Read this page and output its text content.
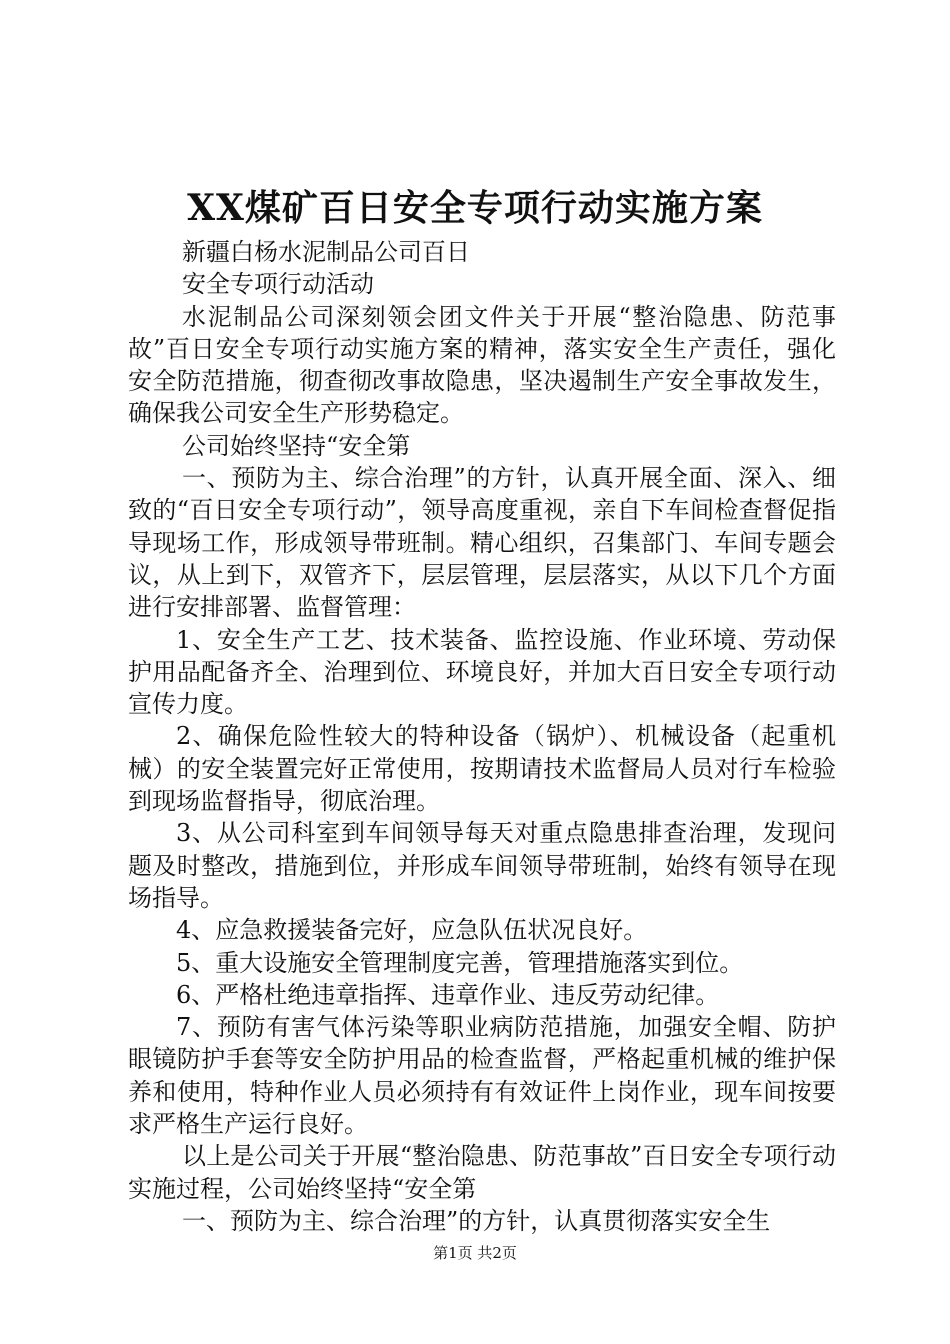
XX煤矿百日安全专项行动实施方案

新疆白杨水泥制品公司百日

安全专项行动活动

水泥制品公司深刻领会团文件关于开展“整治隐患、防范事故”百日安全专项行动实施方案的精神，落实安全生产责任，强化安全防范措施，彻查彻改事故隐患，坚决遏制生产安全事故发生，确保我公司安全生产形势稳定。

公司始终坚持“安全第

一、预防为主、综合治理”的方针，认真开展全面、深入、细致的“百日安全专项行动”，领导高度重视，亲自下车间检查督促指导现场工作，形成领导带班制。精心组织，召集部门、车间专题会议，从上到下，双管齐下，层层管理，层层落实，从以下几个方面进行安排部署、监督管理：

1、安全生产工艺、技术装备、监控设施、作业环境、劳动保护用品配备齐全、治理到位、环境良好，并加大百日安全专项行动宣传力度。

2、确保危险性较大的特种设备（锅炉）、机械设备（起重机械）的安全装置完好正常使用，按期请技术监督局人员对行车检验到现场监督指导，彻底治理。

3、从公司科室到车间领导每天对重点隐患排查治理，发现问题及时整改，措施到位，并形成车间领导带班制，始终有领导在现场指导。

4、应急救援装备完好，应急队伍状况良好。

5、重大设施安全管理制度完善，管理措施落实到位。

6、严格杜绝违章指挥、违章作业、违反劳动纪律。

7、预防有害气体污染等职业病防范措施，加强安全帽、防护眼镜防护手套等安全防护用品的检查监督，严格起重机械的维护保养和使用，特种作业人员必须持有有效证件上岗作业，现车间按要求严格生产运行良好。

以上是公司关于开展“整治隐患、防范事故”百日安全专项行动实施过程，公司始终坚持“安全第

一、预防为主、综合治理”的方针，认真贯彻落实安全生

第1页 共2页
